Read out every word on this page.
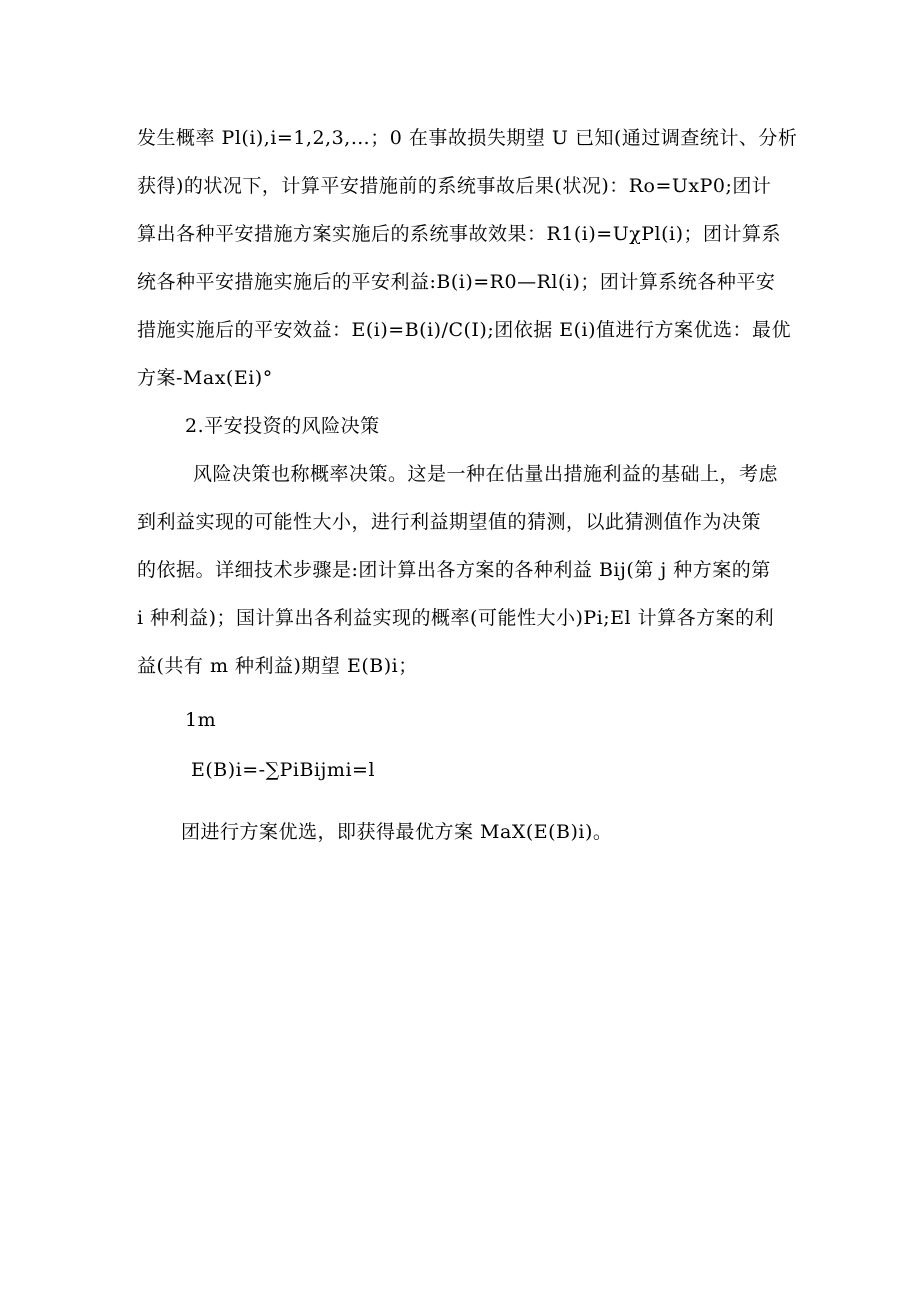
发生概率 Pl(i),i=1,2,3,…；0 在事故损失期望 U 已知(通过调查统计、分析
获得)的状况下，计算平安措施前的系统事故后果(状况)：Ro=UxP0;团计
算出各种平安措施方案实施后的系统事故效果：R1(i)=UχPl(i)；团计算系
统各种平安措施实施后的平安利益:B(i)=R0—Rl(i)；团计算系统各种平安
措施实施后的平安效益：E(i)=B(i)/C(I);团依据 E(i)值进行方案优选：最优
方案-Max(Ei)°
2.平安投资的风险决策
风险决策也称概率决策。这是一种在估量出措施利益的基础上，考虑
到利益实现的可能性大小，进行利益期望值的猜测，以此猜测值作为决策
的依据。详细技术步骤是:团计算出各方案的各种利益 Bij(第 j 种方案的第
i 种利益)；国计算出各利益实现的概率(可能性大小)Pi;El 计算各方案的利
益(共有 m 种利益)期望 E(B)i；
1m
E(B)i=-∑PiBijmi=l
团进行方案优选，即获得最优方案 MaX(E(B)i)。
